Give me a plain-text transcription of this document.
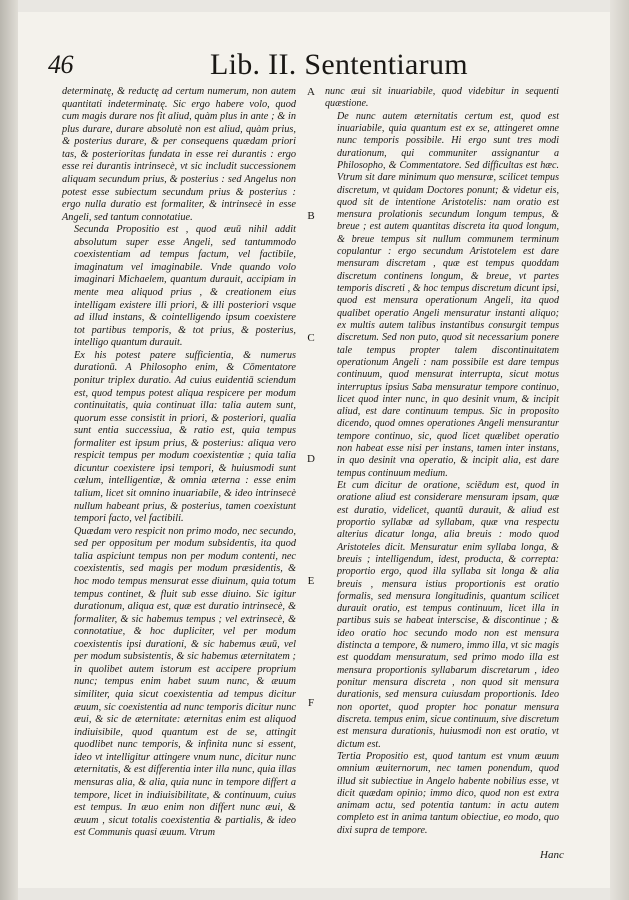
46	Lib. II. Sententiarum

determinatę, & reductę ad certum numerum, non autem quantitati indeterminatę. Sic ergo habere volo, quod cum magis durare nos fit aliud, quàm plus in ante ; & in plus durare, durare absolutè non est aliud, quàm prius, & posterius durare, & per consequens quædam priori tas, & posterioritas fundata in esse rei durantis : ergo esse rei durantis intrinsecè, vt sic includit successionem aliquam secundum prius, & posterius : sed Angelus non potest esse subiectum secundum prius & posterius : ergo nulla duratio est formaliter, & intrinsecè in esse Angeli, sed tantum connotatiue.

Secunda Propositio est , quod æuū nihil addit absolutum super esse Angeli, sed tantummodo coexistentiam ad tempus factum, vel factibile, imaginatum vel imaginabile. Vnde quando volo imaginari Michaelem, quantum durauit, accipiam in mente mea aliquod prius , & creationem eius intelligam existere illi priori, & illi posteriori vsque ad illud instans, & cointelligendo ipsum coexistere tot partibus temporis, & tot prius, & posterius, intelligo quantum durauit.

Ex his potest patere sufficientia, & numerus durationū. A Philosopho enim, & Cōmentatore ponitur triplex duratio. Ad cuius euidentiā sciendum est, quod tempus potest aliqua respicere per modum continuitatis, quia continuat illa: talia autem sunt, quorum esse consistit in priori, & posteriori, qualia sunt entia successiua, & ratio est, quia tempus formaliter est ipsum prius, & posterius: aliqua vero respicit tempus per modum coexistentiæ ; quia talia dicuntur coexistere ipsi tempori, & huiusmodi sunt cælum, intelligentiæ, & omnia æterna : esse enim talium, licet sit omnino inuariabile, & ideo intrinsecè nullum habeant prius, & posterius, tamen coexistunt tempori facto, vel factibili.

Quædam vero respicit non primo modo, nec secundo, sed per oppositum per modum subsidentis, ita quod talia aspiciunt tempus non per modum contenti, nec coexistentis, sed magis per modum præsidentis, & hoc modo tempus mensurat esse diuinum, quia totum tempus continet, & fluit sub esse diuino. Sic igitur durationum, aliqua est, quæ est duratio intrinsecè, & formaliter, & sic habemus tempus ; vel extrinsecè, & connotatiue, & hoc dupliciter, vel per modum coexistentis ipsi durationi, & sic habemus æuū, vel per modum subsistentis, & sic habemus æternitatem ; in quolibet autem istorum est accipere proprium nunc; tempus enim habet suum nunc, & æuum similiter, quia sicut coexistentia ad tempus dicitur æuum, sic coexistentia ad nunc temporis dicitur nunc æui, & sic de æternitate: æternitas enim est aliquod indiuisibile, quod quantum est de se, attingit quodlibet nunc temporis, & infinita nunc si essent, ideo vt intelligitur attingere vnum nunc, dicitur nunc æternitatis, & est differentia inter illa nunc, quia illas mensuras alia, & alia, quia nunc in tempore differt a tempore, licet in indiuisibilitate, & continuum, cuius est tempus. In æuo enim non differt nunc æui, & æuum , sicut totalis coexistentia & partialis, & ideo est Communis quasi æuum. Vtrum

A
B
C
D
E
F

nunc æui sit inuariabile, quod videbitur in sequenti quæstione.

De nunc autem æternitatis certum est, quod est inuariabile, quia quantum est ex se, attingeret omne nunc temporis possibile. Hi ergo sunt tres modi durationum, qui communiter assignantur a Philosopho, & Commentatore. Sed difficultas est hæc. Vtrum sit dare minimum quo mensuræ, scilicet tempus discretum, vt quidam Doctores ponunt; & videtur eis, quod sit de intentione Aristotelis: nam oratio est mensura prolationis secundum longum tempus, & breue ; est autem quantitas discreta ita quod longum, & breue tempus sit nullum communem terminum copulantur : ergo secundum Aristotelem est dare mensuram discretam , quæ est tempus quoddam discretum continens longum, & breue, vt partes temporis discreti , & hoc tempus discretum dicunt ipsi, quod est mensura operationum Angeli, ita quod qualibet operatio Angeli mensuratur instanti aliquo; ex multis autem talibus instantibus consurgit tempus discretum. Sed non puto, quod sit necessarium ponere tale tempus propter talem discontinuitatem operationum Angeli : nam possibile est dare tempus continuum, quod mensurat interrupta, sicut motus interruptus ipsius Saba mensuratur tempore continuo, licet quod inter nunc, in quo desinit vnum, & incipit aliud, est dare continuum tempus. Sic in proposito dicendo, quod omnes operationes Angeli mensurantur tempore continuo, sic, quod licet quælibet operatio non habeat esse nisi per instans, tamen inter instans, in quo desinit vna operatio, & incipit alia, est dare tempus continuum medium.

Et cum dicitur de oratione, sciēdum est, quod in oratione aliud est considerare mensuram ipsam, quæ est duratio, videlicet, quantū durauit, & aliud est proportio syllabæ ad syllabam, quæ vna respectu alterius dicatur longa, alia breuis : modo quod Aristoteles dicit. Mensuratur enim syllaba longa, & breuis ; intelligendum, idest, producta, & correpta: proportio ergo, quod illa syllaba sit longa & alia breuis , mensura istius proportionis est oratio formalis, sed mensura longitudinis, quantum scilicet durauit oratio, est tempus continuum, licet illa in partibus suis se habeat interscise, & discontinue ; & ideo oratio hoc secundo modo non est mensura distincta a tempore, & numero, immo illa, vt sic magis est quoddam mensuratum, sed primo modo illa est mensura proportionis syllabarum discretarum , ideo ponitur mensura discreta , non quod sit mensura durationis, sed mensura cuiusdam proportionis. Ideo non oportet, quod propter hoc ponatur mensura discreta. tempus enim, sicue continuum, sive discretum est mensura durationis, huiusmodi non est oratio, vt dictum est.

Tertia Propositio est, quod tantum est vnum æuum omnium æuiternorum, nec tamen ponendum, quod illud sit subiectiue in Angelo habente nobilius esse, vt dicit quædam opinio; immo dico, quod non est extra animam actu, sed potentia tantum: in actu autem completo est in anima tantum obiectiue, eo modo, quo dixi supra de tempore.

Hanc
